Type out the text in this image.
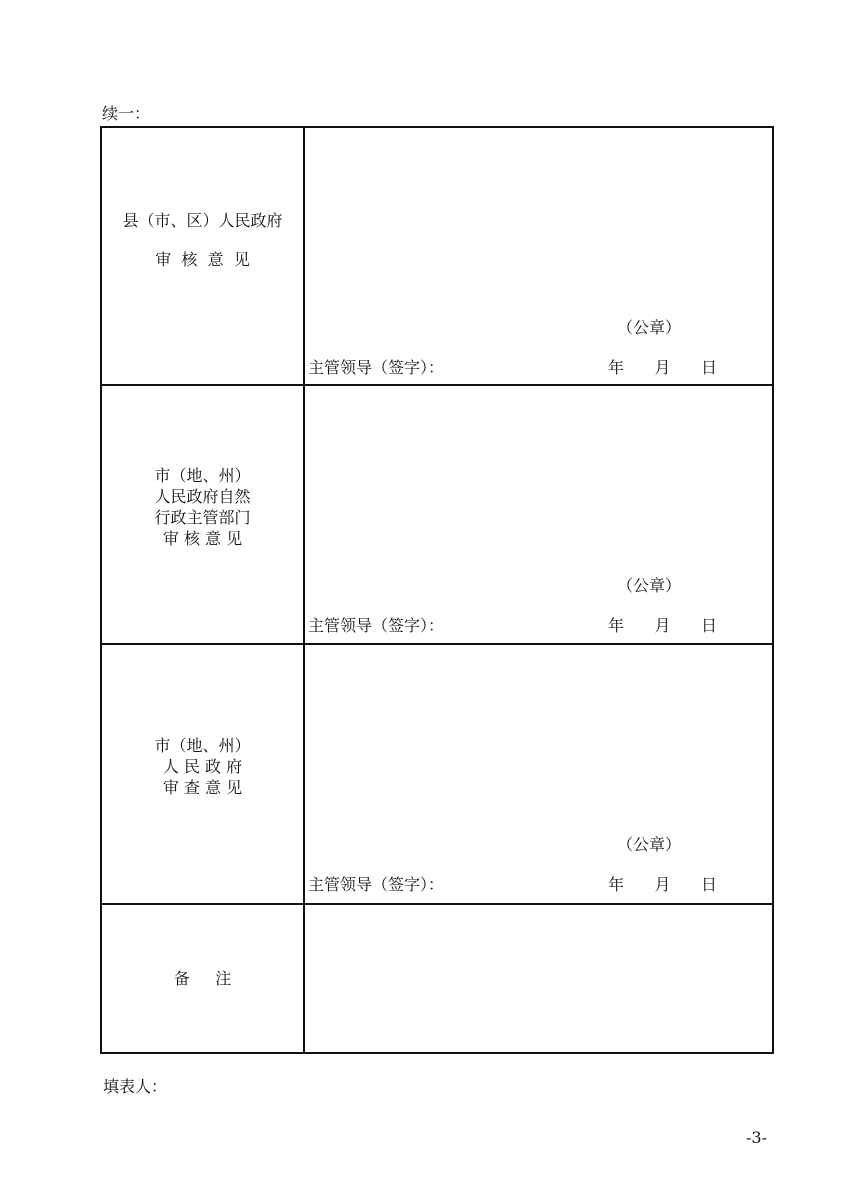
续一：
县（市、区）人民政府
审  核  意  见	（公章）
主管领导（签字）： 年      月      日

市（地、州）
人民政府自然
行政主管部门
审 核 意 见	（公章）
主管领导（签字）： 年      月      日

市（地、州）
人 民 政 府
审 查 意 见	（公章）
主管领导（签字）： 年      月      日

备     注	

填表人：
-3-
